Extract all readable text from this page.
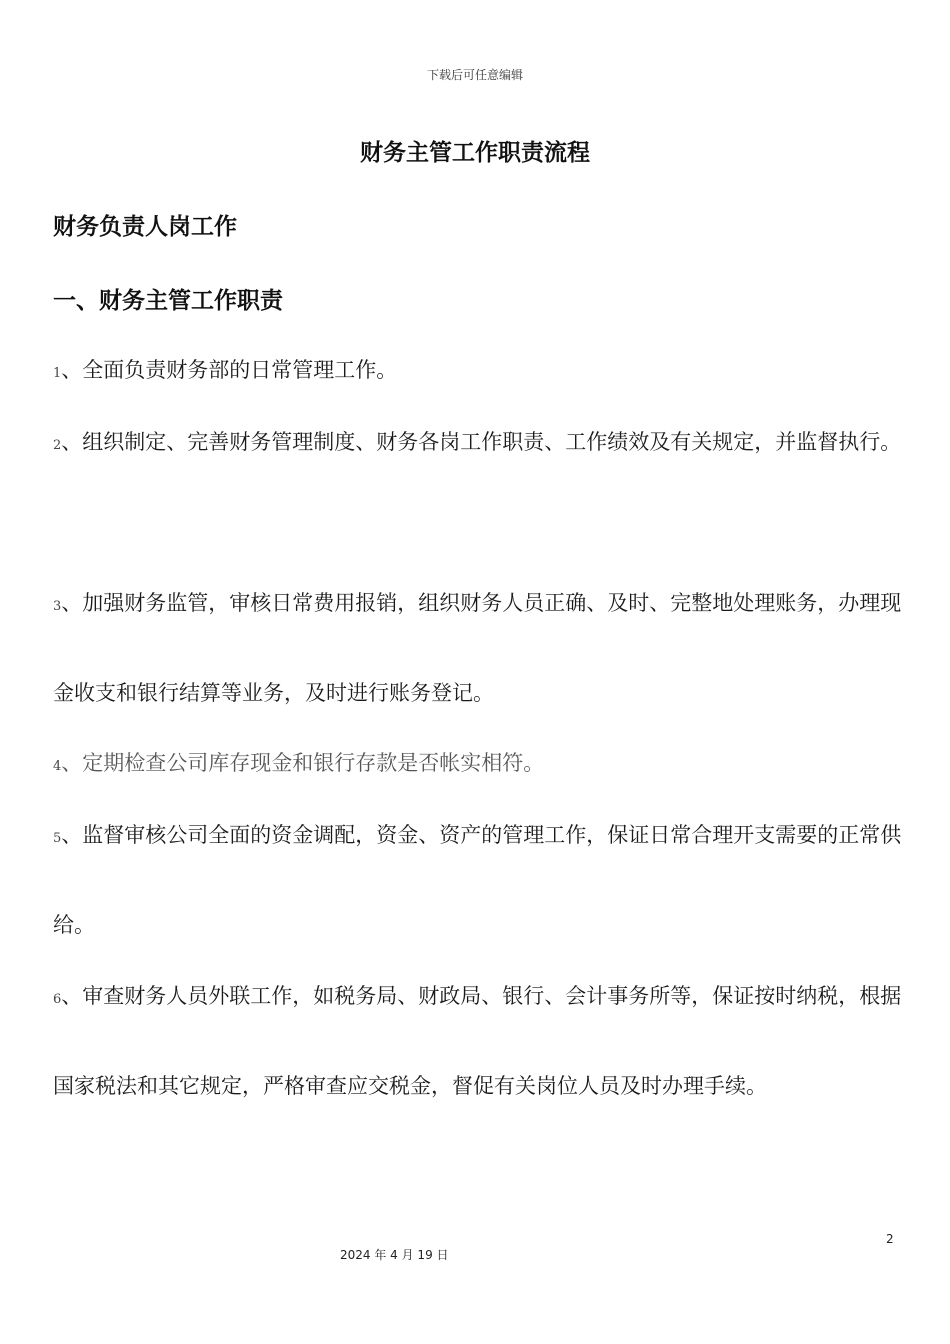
下载后可任意编辑
财务主管工作职责流程
财务负责人岗工作
一、财务主管工作职责
1、全面负责财务部的日常管理工作。
2、组织制定、完善财务管理制度、财务各岗工作职责、工作绩效及有关规定，并监督执行。
3、加强财务监管，审核日常费用报销，组织财务人员正确、及时、完整地处理账务，办理现金收支和银行结算等业务，及时进行账务登记。
4、定期检查公司库存现金和银行存款是否帐实相符。
5、监督审核公司全面的资金调配，资金、资产的管理工作，保证日常合理开支需要的正常供给。
6、审查财务人员外联工作，如税务局、财政局、银行、会计事务所等，保证按时纳税，根据国家税法和其它规定，严格审查应交税金，督促有关岗位人员及时办理手续。
2
2024 年 4 月 19 日
